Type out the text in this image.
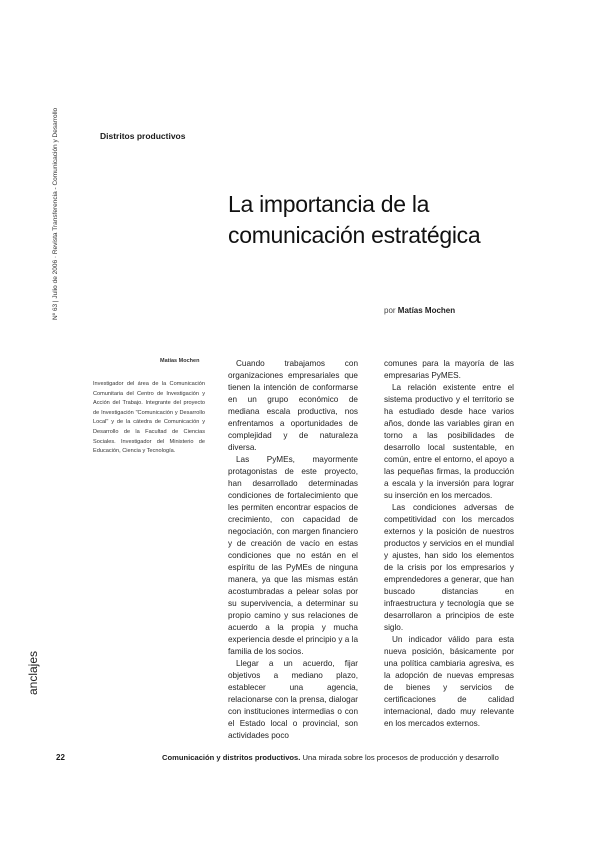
Nº 63 | Julio de 2006 · Revista Transferencia - Comunicación y Desarrollo	Distritos productivos
La importancia de la
comunicación estratégica
por Matías Mochen
Matías Mochen
Investigador del área de la Comunicación Comunitaria del Centro de Investigación y Acción del Trabajo. Integrante del proyecto de Investigación "Comunicación y Desarrollo Local" y de la cátedra de Comunicación y Desarrollo de la Facultad de Ciencias Sociales. Investigador del Ministerio de Educación, Ciencia y Tecnología.

Cuando trabajamos con organizaciones empresariales que tienen la intención de conformarse en un grupo económico de mediana escala productiva, nos enfrentamos a oportunidades de complejidad y de naturaleza diversa.

Las PyMEs, mayormente protagonistas de este proyecto, han desarrollado determinadas condiciones de fortalecimiento que les permiten encontrar espacios de crecimiento, con capacidad de negociación, con margen financiero y de creación de vacío en estas condiciones que no están en el espíritu de las PyMEs de ninguna manera, ya que las mismas están acostumbradas a pelear solas por su supervivencia, a determinar su propio camino y sus relaciones de acuerdo a la propia y mucha experiencia desde el principio y a la familia de los socios.

Llegar a un acuerdo, fijar objetivos a mediano plazo, establecer una agencia, relacionarse con la prensa, dialogar con instituciones intermedias o con el Estado local o provincial, son actividades poco

comunes para la mayoría de las empresarias PyMES.

La relación existente entre el sistema productivo y el territorio se ha estudiado desde hace varios años, donde las variables giran en torno a las posibilidades de desarrollo local sustentable, en común, entre el entorno, el apoyo a las pequeñas firmas, la producción a escala y la inversión para lograr su inserción en los mercados.

Las condiciones adversas de competitividad con los mercados externos y la posición de nuestros productos y servicios en el mundial y ajustes, han sido los elementos de la crisis por los empresarios y emprendedores a generar, que han buscado distancias en infraestructura y tecnología que se desarrollaron a principios de este siglo.

Un indicador válido para esta nueva posición, básicamente por una política cambiaria agresiva, es la adopción de nuevas empresas de bienes y servicios de certificaciones de calidad internacional, dado muy relevante en los mercados externos.

anclajes
22	Comunicación y distritos productivos. Una mirada sobre los procesos de producción y desarrollo
